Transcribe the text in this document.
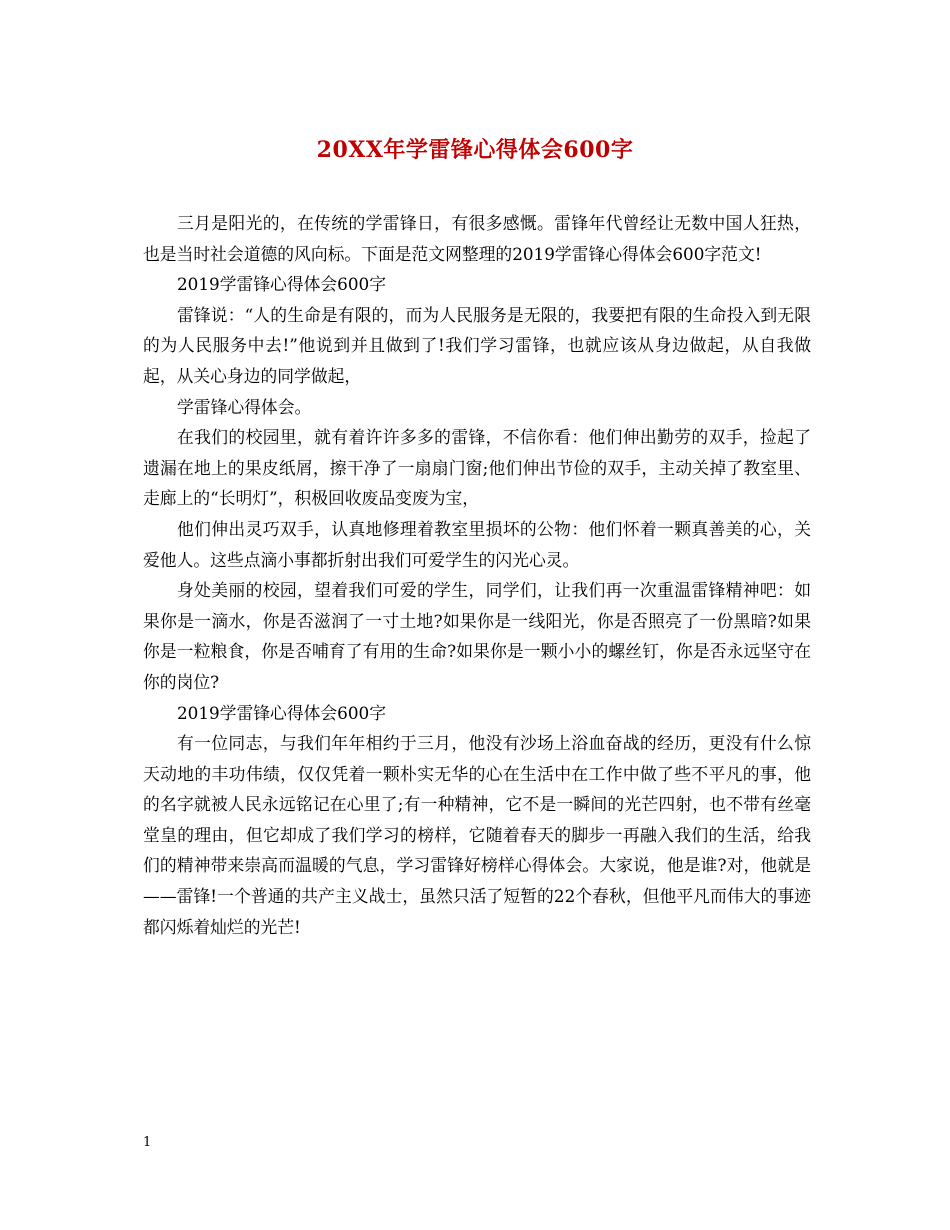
20XX年学雷锋心得体会600字

三月是阳光的，在传统的学雷锋日，有很多感慨。雷锋年代曾经让无数中国人狂热，也是当时社会道德的风向标。下面是范文网整理的2019学雷锋心得体会600字范文!

2019学雷锋心得体会600字

雷锋说：“人的生命是有限的，而为人民服务是无限的，我要把有限的生命投入到无限的为人民服务中去!”他说到并且做到了!我们学习雷锋，也就应该从身边做起，从自我做起，从关心身边的同学做起，

学雷锋心得体会。

在我们的校园里，就有着许许多多的雷锋，不信你看：他们伸出勤劳的双手，捡起了遗漏在地上的果皮纸屑，擦干净了一扇扇门窗;他们伸出节俭的双手，主动关掉了教室里、走廊上的“长明灯”，积极回收废品变废为宝，

他们伸出灵巧双手，认真地修理着教室里损坏的公物：他们怀着一颗真善美的心，关爱他人。这些点滴小事都折射出我们可爱学生的闪光心灵。

身处美丽的校园，望着我们可爱的学生，同学们，让我们再一次重温雷锋精神吧：如果你是一滴水，你是否滋润了一寸土地?如果你是一线阳光，你是否照亮了一份黑暗?如果你是一粒粮食，你是否哺育了有用的生命?如果你是一颗小小的螺丝钉，你是否永远坚守在你的岗位?

2019学雷锋心得体会600字

有一位同志，与我们年年相约于三月，他没有沙场上浴血奋战的经历，更没有什么惊天动地的丰功伟绩，仅仅凭着一颗朴实无华的心在生活中在工作中做了些不平凡的事，他的名字就被人民永远铭记在心里了;有一种精神，它不是一瞬间的光芒四射，也不带有丝毫堂皇的理由，但它却成了我们学习的榜样，它随着春天的脚步一再融入我们的生活，给我们的精神带来崇高而温暖的气息，学习雷锋好榜样心得体会。大家说，他是谁?对，他就是——雷锋!一个普通的共产主义战士，虽然只活了短暂的22个春秋，但他平凡而伟大的事迹都闪烁着灿烂的光芒!

1
